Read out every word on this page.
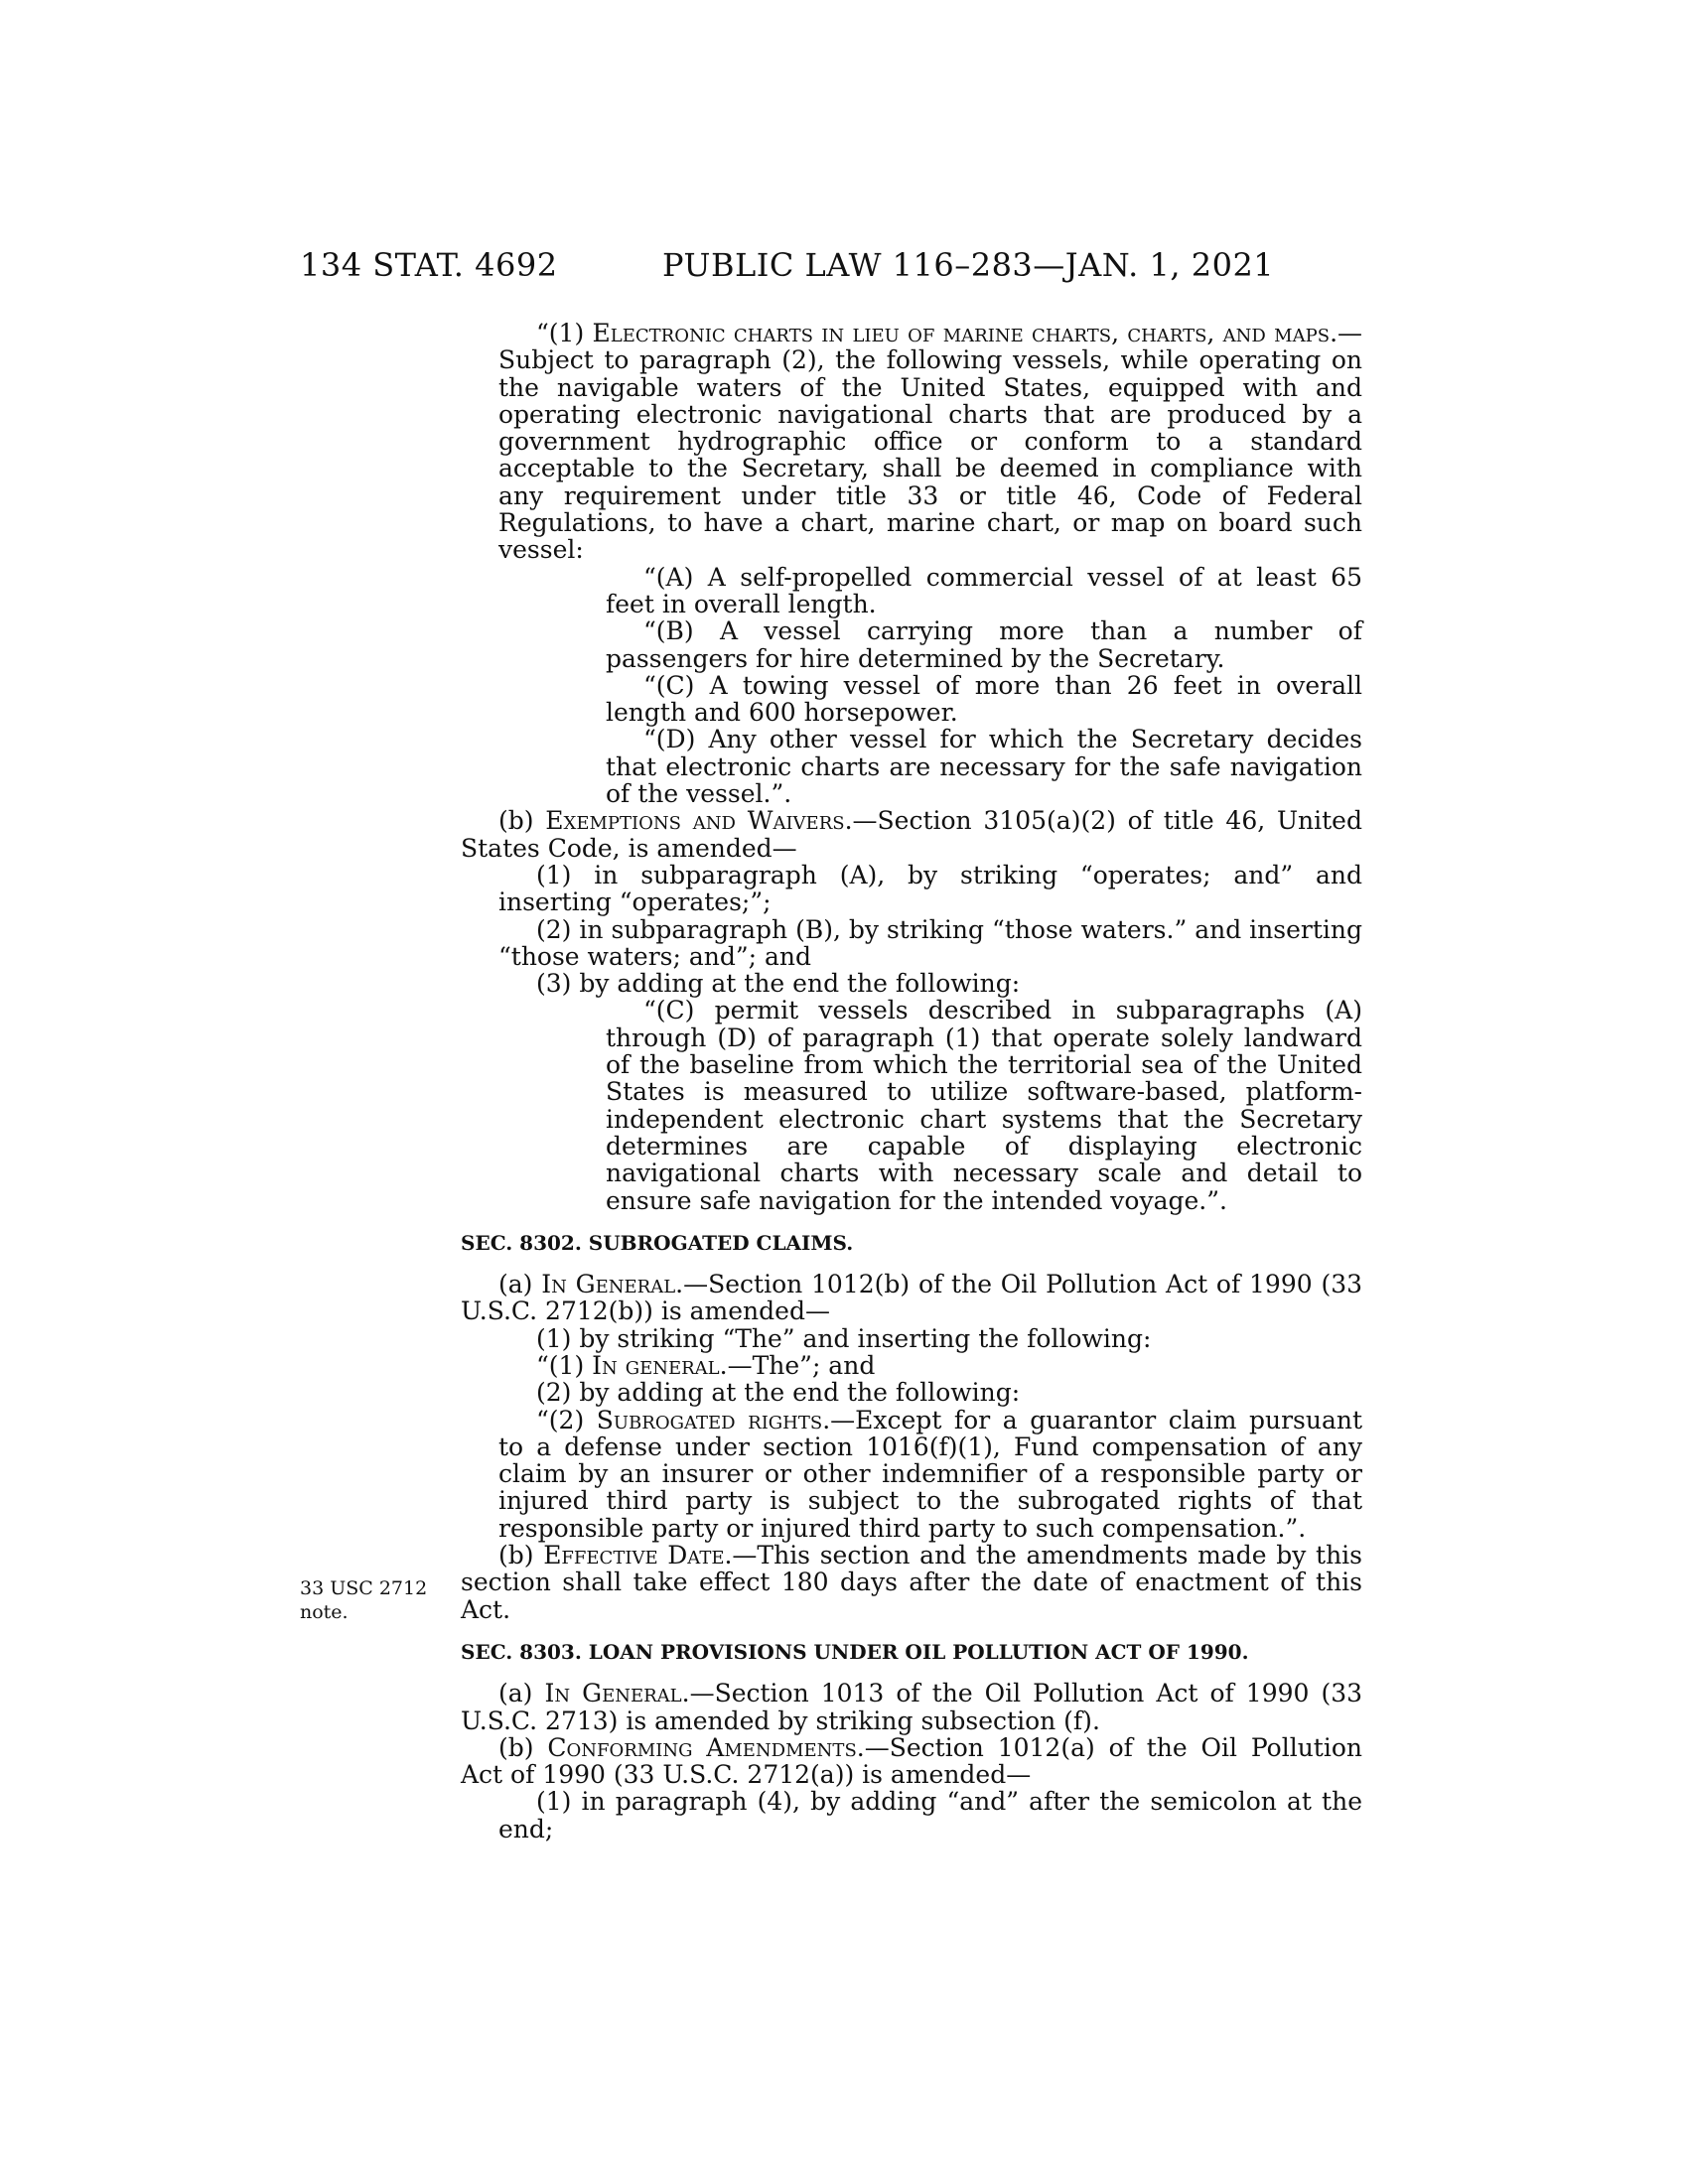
134 STAT. 4692	PUBLIC LAW 116–283—JAN. 1, 2021
33 USC 2712
note.

“(1) Electronic charts in lieu of marine charts, charts, and maps.—Subject to paragraph (2), the following vessels, while operating on the navigable waters of the United States, equipped with and operating electronic navigational charts that are produced by a government hydrographic office or conform to a standard acceptable to the Secretary, shall be deemed in compliance with any requirement under title 33 or title 46, Code of Federal Regulations, to have a chart, marine chart, or map on board such vessel:

“(A) A self-propelled commercial vessel of at least 65 feet in overall length.

“(B) A vessel carrying more than a number of passengers for hire determined by the Secretary.

“(C) A towing vessel of more than 26 feet in overall length and 600 horsepower.

“(D) Any other vessel for which the Secretary decides that electronic charts are necessary for the safe navigation of the vessel.”.

(b) Exemptions and Waivers.—Section 3105(a)(2) of title 46, United States Code, is amended—

(1) in subparagraph (A), by striking “operates; and” and inserting “operates;”;

(2) in subparagraph (B), by striking “those waters.” and inserting “those waters; and”; and

(3) by adding at the end the following:

“(C) permit vessels described in subparagraphs (A) through (D) of paragraph (1) that operate solely landward of the baseline from which the territorial sea of the United States is measured to utilize software-based, platform-independent electronic chart systems that the Secretary determines are capable of displaying electronic navigational charts with necessary scale and detail to ensure safe navigation for the intended voyage.”.

SEC. 8302. SUBROGATED CLAIMS.

(a) In General.—Section 1012(b) of the Oil Pollution Act of 1990 (33 U.S.C. 2712(b)) is amended—

(1) by striking “The” and inserting the following:

“(1) In general.—The”; and

(2) by adding at the end the following:

“(2) Subrogated rights.—Except for a guarantor claim pursuant to a defense under section 1016(f)(1), Fund compensation of any claim by an insurer or other indemnifier of a responsible party or injured third party is subject to the subrogated rights of that responsible party or injured third party to such compensation.”.

(b) Effective Date.—This section and the amendments made by this section shall take effect 180 days after the date of enactment of this Act.

SEC. 8303. LOAN PROVISIONS UNDER OIL POLLUTION ACT OF 1990.

(a) In General.—Section 1013 of the Oil Pollution Act of 1990 (33 U.S.C. 2713) is amended by striking subsection (f).

(b) Conforming Amendments.—Section 1012(a) of the Oil Pollution Act of 1990 (33 U.S.C. 2712(a)) is amended—

(1) in paragraph (4), by adding “and” after the semicolon at the end;
